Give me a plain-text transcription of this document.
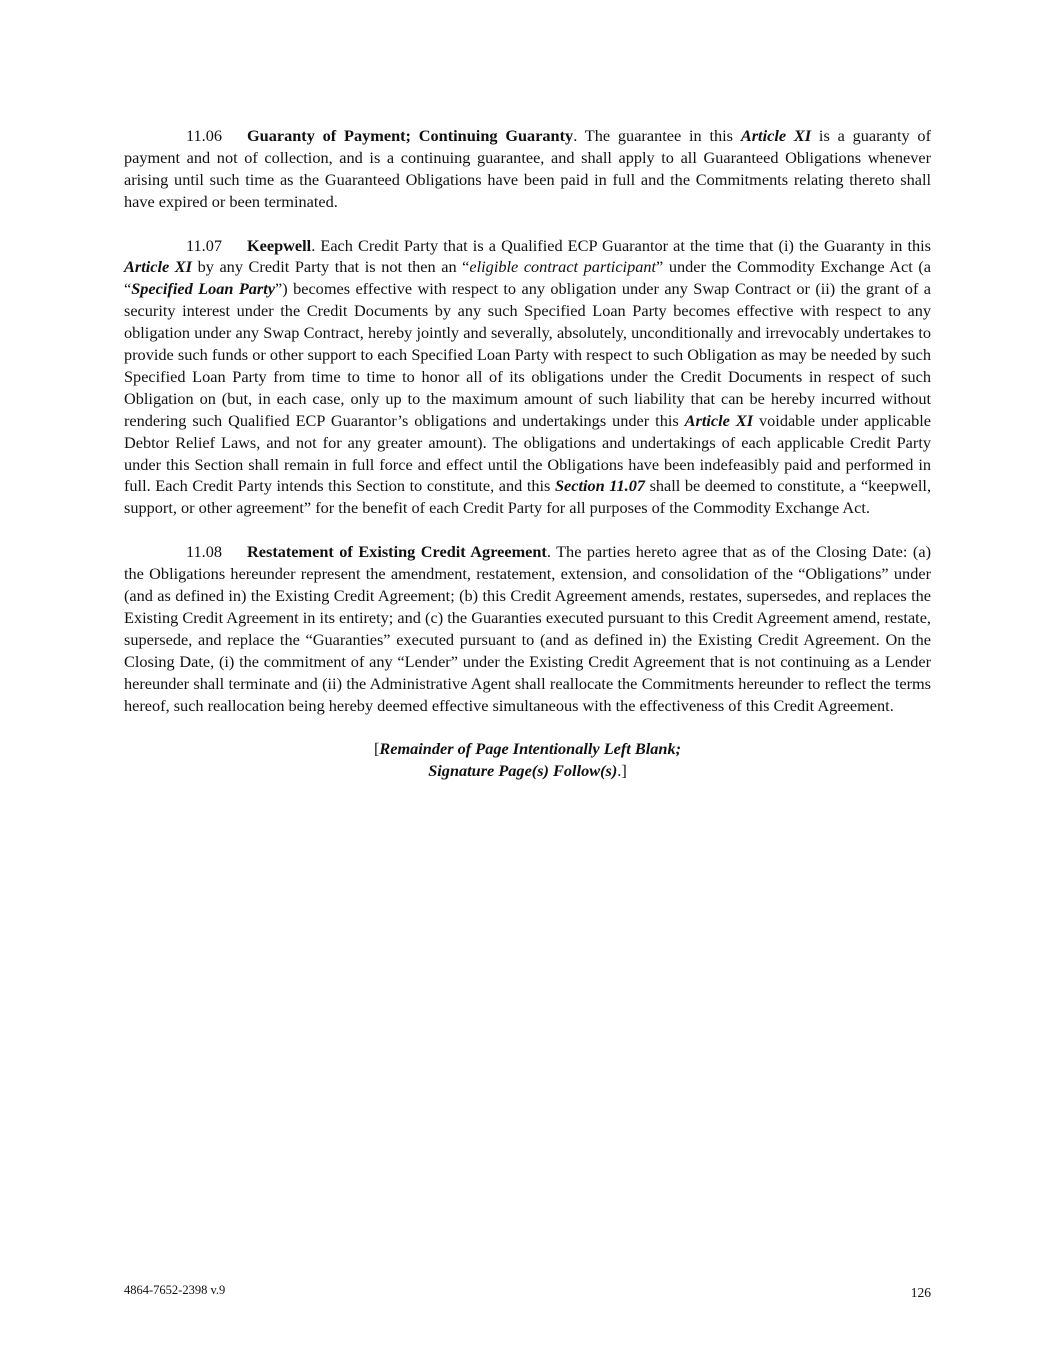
11.06 Guaranty of Payment; Continuing Guaranty. The guarantee in this Article XI is a guaranty of payment and not of collection, and is a continuing guarantee, and shall apply to all Guaranteed Obligations whenever arising until such time as the Guaranteed Obligations have been paid in full and the Commitments relating thereto shall have expired or been terminated.

11.07 Keepwell. Each Credit Party that is a Qualified ECP Guarantor at the time that (i) the Guaranty in this Article XI by any Credit Party that is not then an “eligible contract participant” under the Commodity Exchange Act (a “Specified Loan Party”) becomes effective with respect to any obligation under any Swap Contract or (ii) the grant of a security interest under the Credit Documents by any such Specified Loan Party becomes effective with respect to any obligation under any Swap Contract, hereby jointly and severally, absolutely, unconditionally and irrevocably undertakes to provide such funds or other support to each Specified Loan Party with respect to such Obligation as may be needed by such Specified Loan Party from time to time to honor all of its obligations under the Credit Documents in respect of such Obligation on (but, in each case, only up to the maximum amount of such liability that can be hereby incurred without rendering such Qualified ECP Guarantor’s obligations and undertakings under this Article XI voidable under applicable Debtor Relief Laws, and not for any greater amount). The obligations and undertakings of each applicable Credit Party under this Section shall remain in full force and effect until the Obligations have been indefeasibly paid and performed in full. Each Credit Party intends this Section to constitute, and this Section 11.07 shall be deemed to constitute, a “keepwell, support, or other agreement” for the benefit of each Credit Party for all purposes of the Commodity Exchange Act.

11.08 Restatement of Existing Credit Agreement. The parties hereto agree that as of the Closing Date: (a) the Obligations hereunder represent the amendment, restatement, extension, and consolidation of the “Obligations” under (and as defined in) the Existing Credit Agreement; (b) this Credit Agreement amends, restates, supersedes, and replaces the Existing Credit Agreement in its entirety; and (c) the Guaranties executed pursuant to this Credit Agreement amend, restate, supersede, and replace the “Guaranties” executed pursuant to (and as defined in) the Existing Credit Agreement. On the Closing Date, (i) the commitment of any “Lender” under the Existing Credit Agreement that is not continuing as a Lender hereunder shall terminate and (ii) the Administrative Agent shall reallocate the Commitments hereunder to reflect the terms hereof, such reallocation being hereby deemed effective simultaneous with the effectiveness of this Credit Agreement.

[Remainder of Page Intentionally Left Blank;
Signature Page(s) Follow(s).]
4864-7652-2398 v.9	126
